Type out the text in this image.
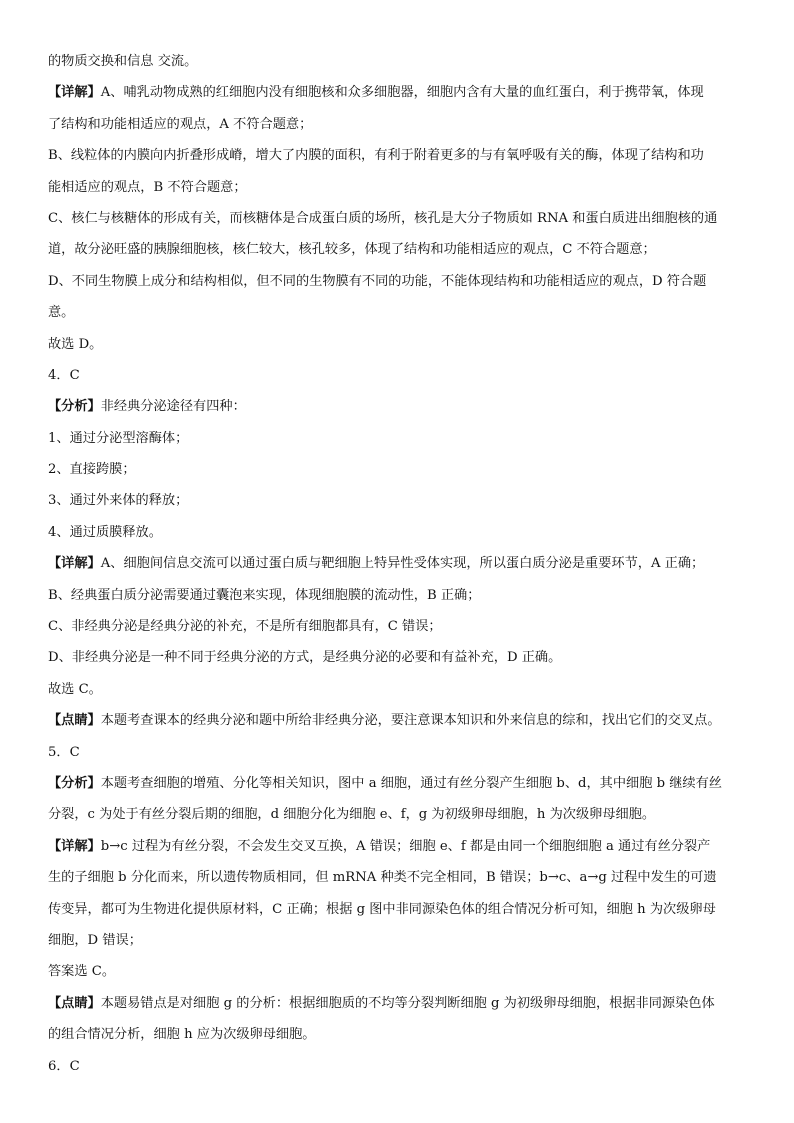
的物质交换和信息 交流。
【详解】A、哺乳动物成熟的红细胞内没有细胞核和众多细胞器，细胞内含有大量的血红蛋白，利于携带氧，体现
了结构和功能相适应的观点，A 不符合题意；
B、线粒体的内膜向内折叠形成嵴，增大了内膜的面积，有利于附着更多的与有氧呼吸有关的酶，体现了结构和功
能相适应的观点，B 不符合题意；
C、核仁与核糖体的形成有关，而核糖体是合成蛋白质的场所，核孔是大分子物质如 RNA 和蛋白质进出细胞核的通
道，故分泌旺盛的胰腺细胞核，核仁较大，核孔较多，体现了结构和功能相适应的观点，C 不符合题意；
D、不同生物膜上成分和结构相似，但不同的生物膜有不同的功能，不能体现结构和功能相适应的观点，D 符合题
意。
故选 D。
4．C
【分析】非经典分泌途径有四种：
1、通过分泌型溶酶体；
2、直接跨膜；
3、通过外来体的释放；
4、通过质膜释放。
【详解】A、细胞间信息交流可以通过蛋白质与靶细胞上特异性受体实现，所以蛋白质分泌是重要环节，A 正确；
B、经典蛋白质分泌需要通过囊泡来实现，体现细胞膜的流动性，B 正确；
C、非经典分泌是经典分泌的补充，不是所有细胞都具有，C 错误；
D、非经典分泌是一种不同于经典分泌的方式，是经典分泌的必要和有益补充，D 正确。
故选 C。
【点睛】本题考查课本的经典分泌和题中所给非经典分泌，要注意课本知识和外来信息的综和，找出它们的交叉点。
5．C
【分析】本题考查细胞的增殖、分化等相关知识，图中 a 细胞，通过有丝分裂产生细胞 b、d，其中细胞 b 继续有丝
分裂，c 为处于有丝分裂后期的细胞，d 细胞分化为细胞 e、f，g 为初级卵母细胞，h 为次级卵母细胞。
【详解】b→c 过程为有丝分裂，不会发生交叉互换，A 错误；细胞 e、f 都是由同一个细胞细胞 a 通过有丝分裂产
生的子细胞 b 分化而来，所以遗传物质相同，但 mRNA 种类不完全相同，B 错误；b→c、a→g 过程中发生的可遗
传变异，都可为生物进化提供原材料，C 正确；根据 g 图中非同源染色体的组合情况分析可知，细胞 h 为次级卵母
细胞，D 错误；
答案选 C。
【点睛】本题易错点是对细胞 g 的分析：根据细胞质的不均等分裂判断细胞 g 为初级卵母细胞，根据非同源染色体
的组合情况分析，细胞 h 应为次级卵母细胞。
6．C
